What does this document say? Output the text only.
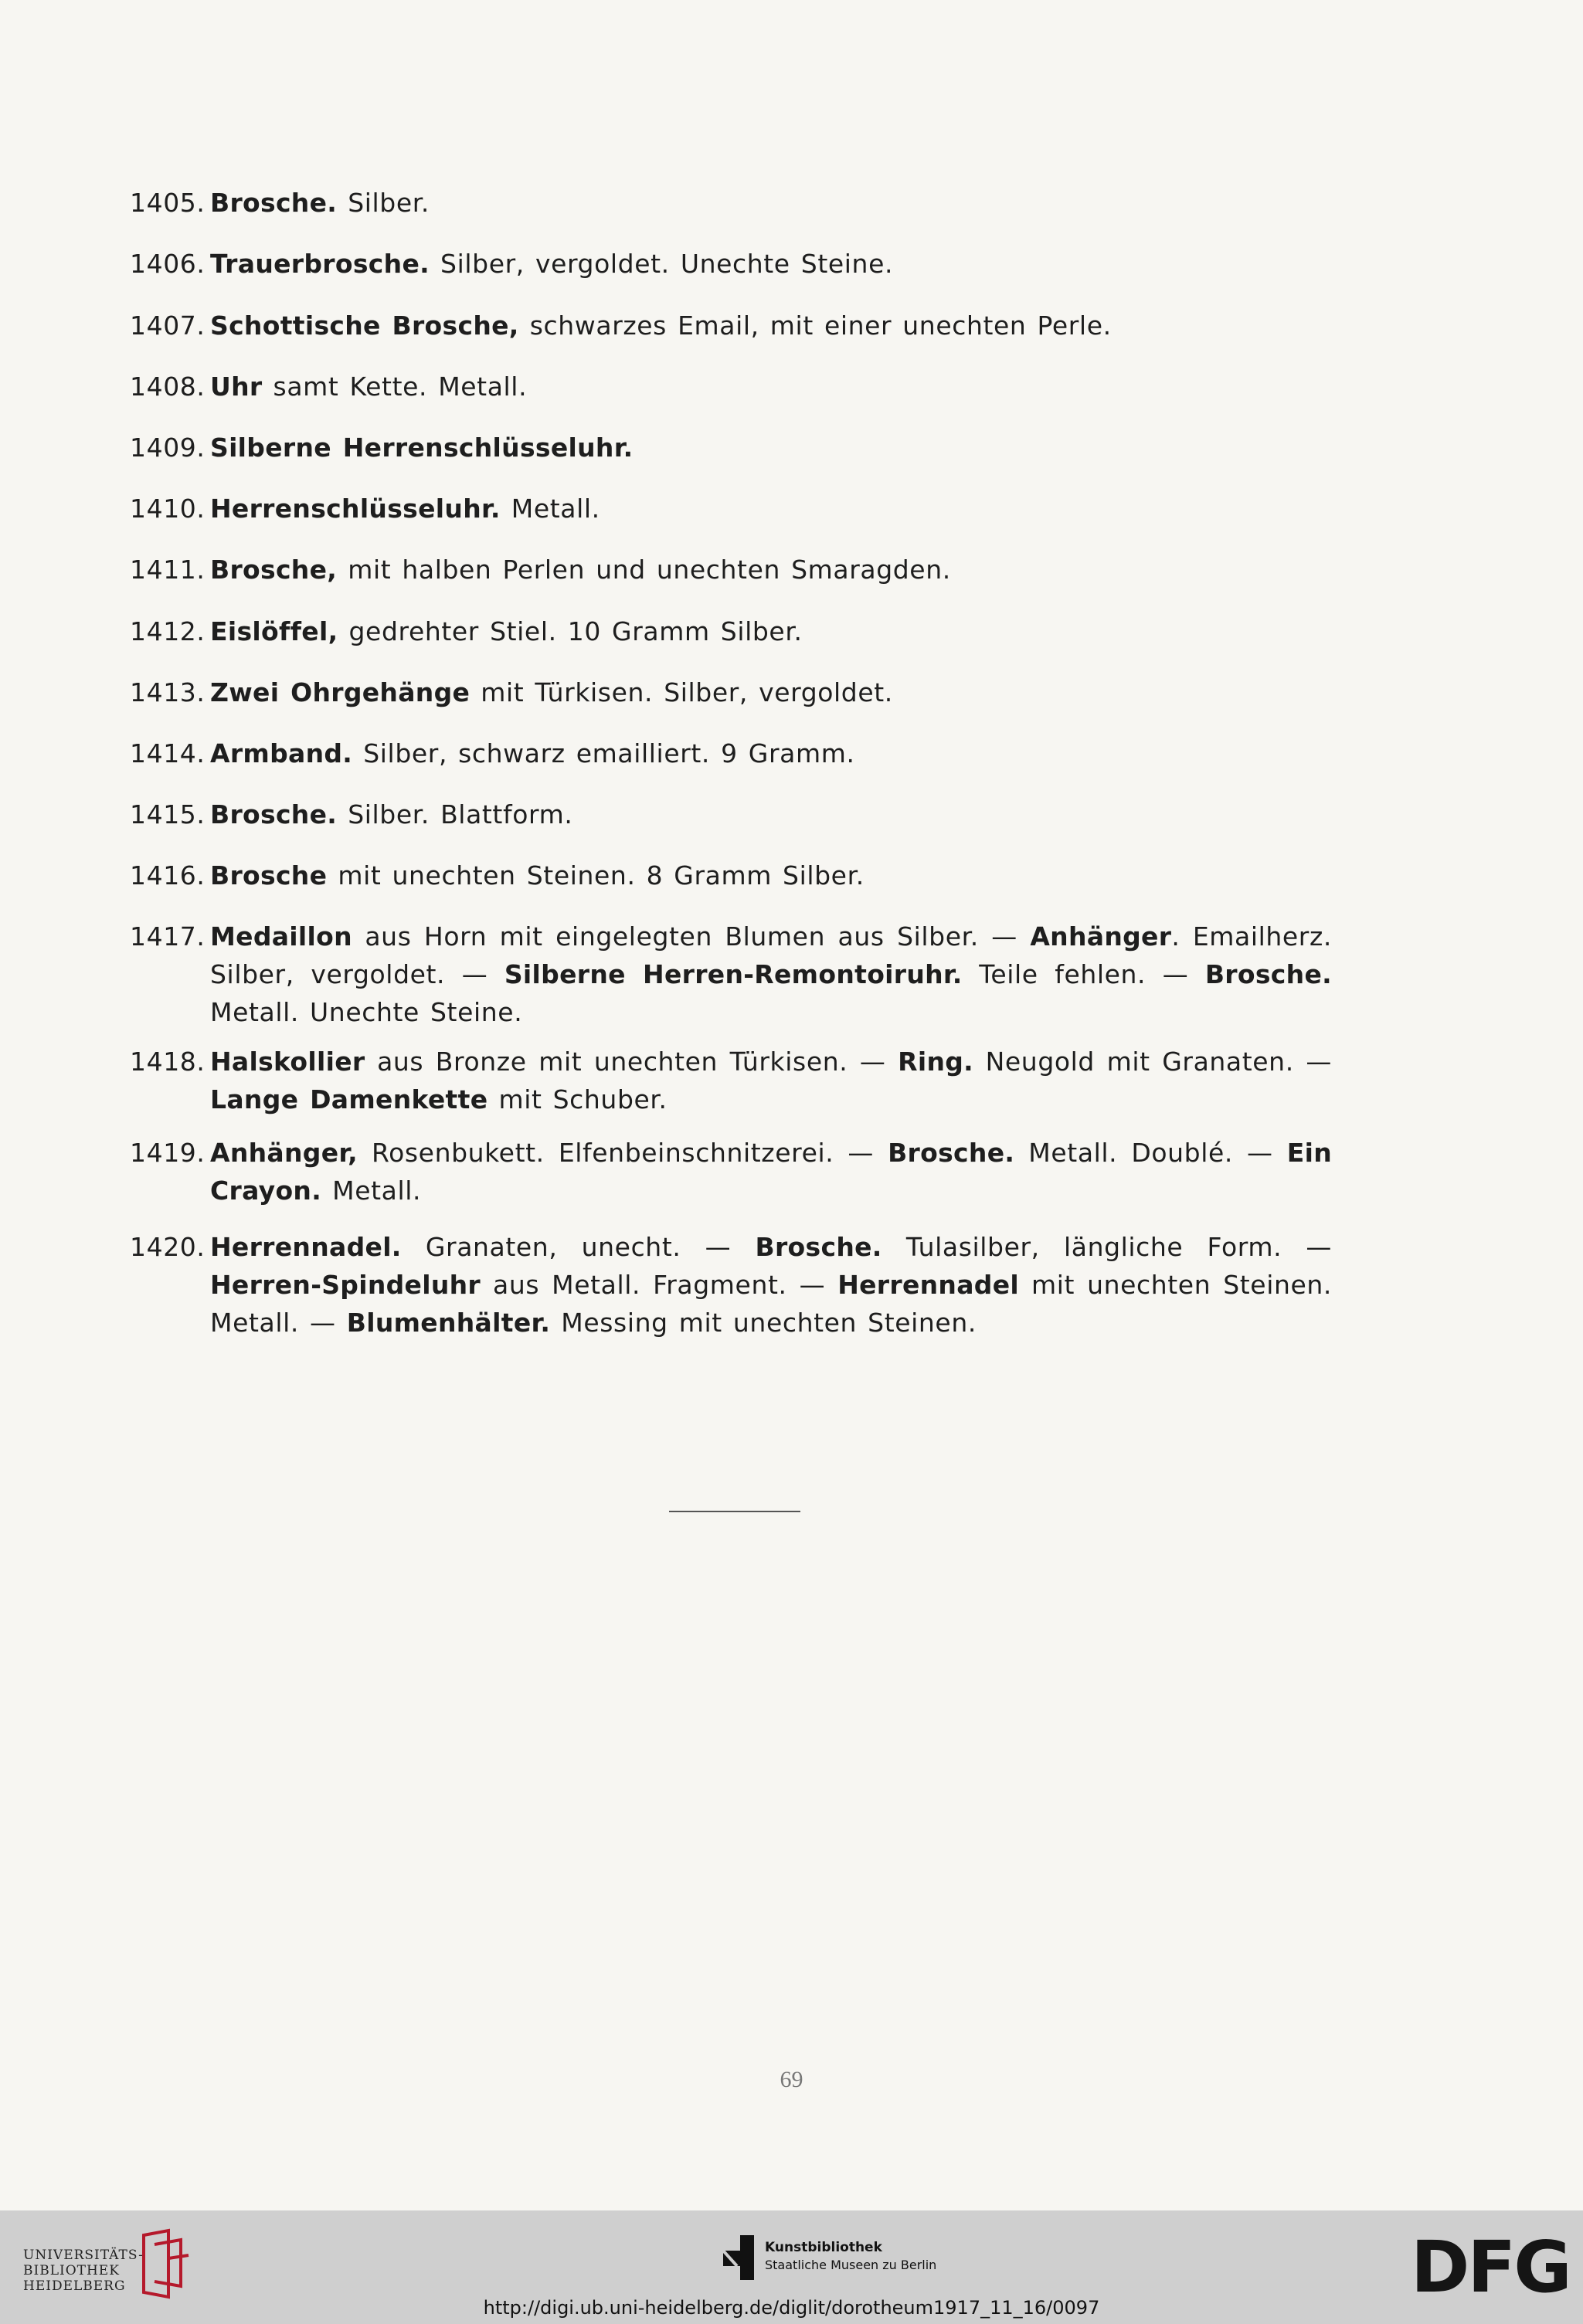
1405. Brosche. Silber.
1406. Trauerbrosche. Silber, vergoldet. Unechte Steine.
1407. Schottische Brosche, schwarzes Email, mit einer unechten Perle.
1408. Uhr samt Kette. Metall.
1409. Silberne Herrenschlüsseluhr.
1410. Herrenschlüsseluhr. Metall.
1411. Brosche, mit halben Perlen und unechten Smaragden.
1412. Eislöffel, gedrehter Stiel. 10 Gramm Silber.
1413. Zwei Ohrgehänge mit Türkisen. Silber, vergoldet.
1414. Armband. Silber, schwarz emailliert. 9 Gramm.
1415. Brosche. Silber. Blattform.
1416. Brosche mit unechten Steinen. 8 Gramm Silber.
1417. Medaillon aus Horn mit eingelegten Blumen aus Silber. — Anhänger. Emailherz. Silber, vergoldet. — Silberne Herren-Remontoiruhr. Teile fehlen. — Brosche. Metall. Unechte Steine.
1418. Halskollier aus Bronze mit unechten Türkisen. — Ring. Neugold mit Granaten. — Lange Damenkette mit Schuber.
1419. Anhänger, Rosenbukett. Elfenbeinschnitzerei. — Brosche. Metall. Doublé. — Ein Crayon. Metall.
1420. Herrennadel. Granaten, unecht. — Brosche. Tulasilber, längliche Form. — Herren-Spindeluhr aus Metall. Fragment. — Herrennadel mit unechten Steinen. Metall. — Blumenhälter. Messing mit unechten Steinen.
69
UNIVERSITÄTS-
BIBLIOTHEK
HEIDELBERG
Kunstbibliothek
Staatliche Museen zu Berlin	DFG
http://digi.ub.uni-heidelberg.de/diglit/dorotheum1917_11_16/0097
